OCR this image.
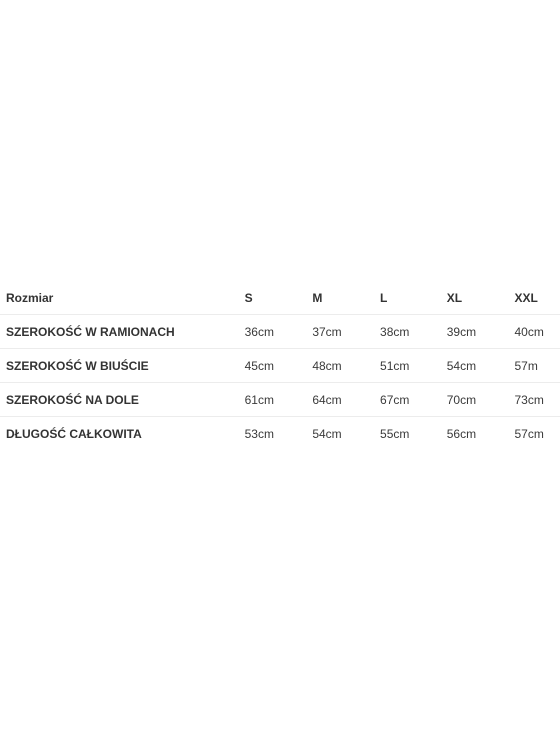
Rozmiar	S	M	L	XL	XXL
SZEROKOŚĆ W RAMIONACH	36cm	37cm	38cm	39cm	40cm
SZEROKOŚĆ W BIUŚCIE	45cm	48cm	51cm	54cm	57m
SZEROKOŚĆ NA DOLE	61cm	64cm	67cm	70cm	73cm
DŁUGOŚĆ CAŁKOWITA	53cm	54cm	55cm	56cm	57cm
